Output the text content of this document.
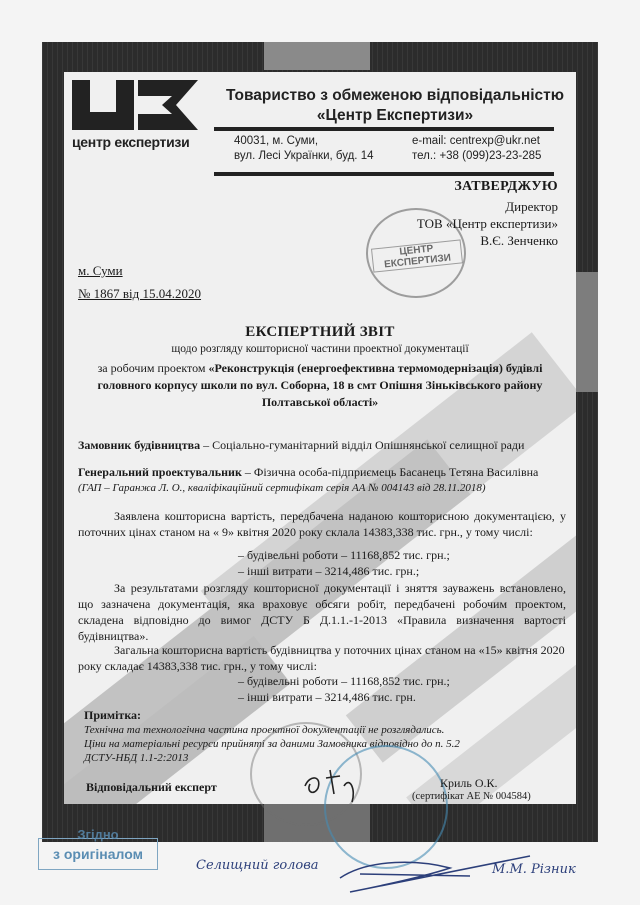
центр експертизи
Товариство з обмеженою відповідальністю
«Центр Експертизи»
40031, м. Суми,
вул. Лесі Українки, буд. 14
e-mail: centrexp@ukr.net
тел.: +38 (099)23-23-285
ЦЕНТР ЕКСПЕРТИЗИ
ЗАТВЕРДЖУЮ
Директор
ТОВ «Центр експертизи»
В.Є. Зенченко
м. Суми
№ 1867 від 15.04.2020
ЕКСПЕРТНИЙ ЗВІТ
щодо розгляду кошторисної частини проектної документації
за робочим проектом «Реконструкція (енергоефективна термомодернізація) будівлі головного корпусу школи по вул. Соборна, 18 в смт Опішня Зіньківського району Полтавської області»
Замовник будівництва – Соціально-гуманітарний відділ Опішнянської селищної ради
Генеральний проектувальник – Фізична особа-підприємець Басанець Тетяна Василівна
(ГАП – Гаранжа Л. О., кваліфікаційний сертифікат серія АА № 004143 від 28.11.2018)
Заявлена кошторисна вартість, передбачена наданою кошторисною документацією, у поточних цінах станом на « 9» квітня 2020 року склала 14383,338 тис. грн., у тому числі:
– будівельні роботи – 11168,852 тис. грн.;
– інші витрати – 3214,486 тис. грн.;
За результатами розгляду кошторисної документації і зняття зауважень встановлено, що зазначена документація, яка враховує обсяги робіт, передбачені робочим проектом, складена відповідно до вимог ДСТУ Б Д.1.1.-1-2013 «Правила визначення вартості будівництва».
Загальна кошторисна вартість будівництва у поточних цінах станом на «15» квітня 2020 року складає 14383,338 тис. грн., у тому числі:
– будівельні роботи – 11168,852 тис. грн.;
– інші витрати – 3214,486 тис. грн.
Примітка:
Технічна та технологічна частина проектної документації не розглядались.
Ціни на матеріальні ресурси прийняті за даними Замовника відповідно до п. 5.2
ДСТУ-НБД 1.1-2:2013
Відповідальний експерт	Криль О.К.
(сертифікат АЕ № 004584)
Згідно
з оригіналом
Селищний голова	М.М. Різник
